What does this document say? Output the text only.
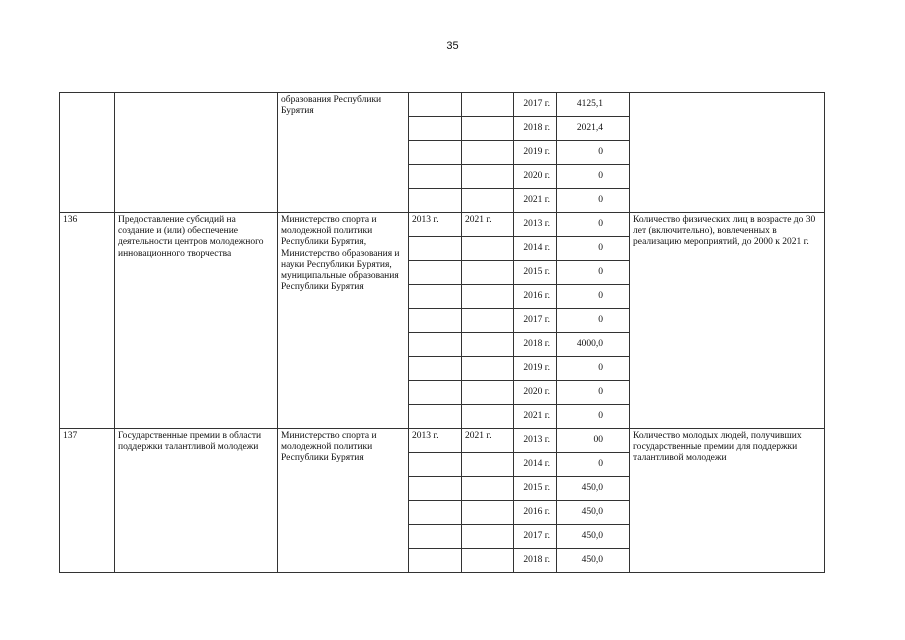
35
		образования Республики Бурятия			2017 г.	4125,1	
					2018 г.	2021,4	
					2019 г.	0	
					2020 г.	0	
					2021 г.	0	
136	Предоставление субсидий на создание и (или) обеспечение деятельности центров молодежного инновационного творчества	Министерство спорта и молодежной политики Республики Бурятия, Министерство образования и науки Республики Бурятия, муниципальные образования Республики Бурятия	2013 г.	2021 г.	2013 г.	0	Количество физических лиц в возрасте до 30 лет (включительно), вовлеченных в реализацию мероприятий, до 2000 к 2021 г.
					2014 г.	0	
					2015 г.	0	
					2016 г.	0	
					2017 г.	0	
					2018 г.	4000,0	
					2019 г.	0	
					2020 г.	0	
					2021 г.	0	
137	Государственные премии в области поддержки талантливой молодежи	Министерство спорта и молодежной политики Республики Бурятия	2013 г.	2021 г.	2013 г.	00	Количество молодых людей, получивших государственные премии для поддержки талантливой молодежи
					2014 г.	0	
					2015 г.	450,0	
					2016 г.	450,0	
					2017 г.	450,0	
					2018 г.	450,0	
